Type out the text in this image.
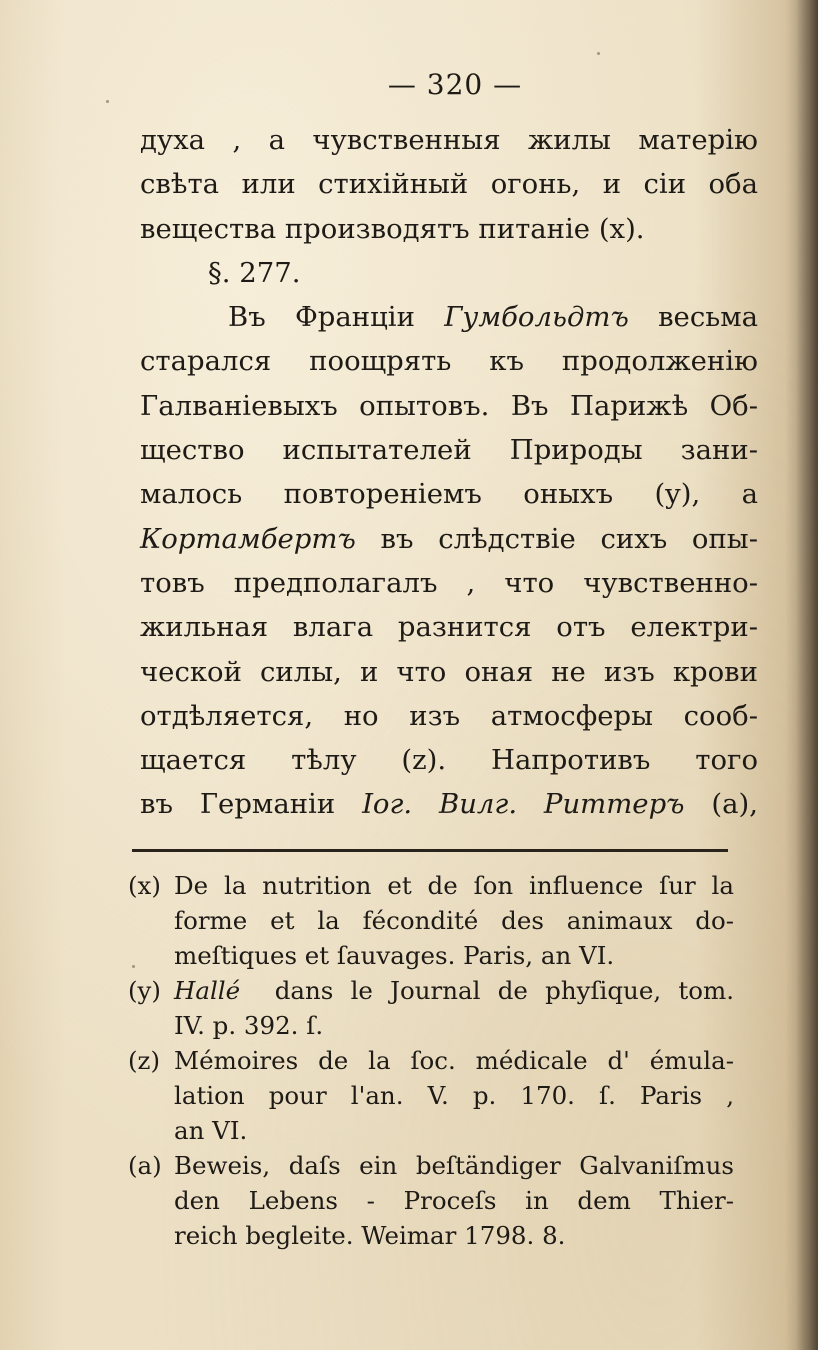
— 320 —
духа , а чувственныя жилы матерію
свѣта или стихійный огонь, и сіи оба
вещества производятъ питаніе (x).
§. 277.
Въ Франціи Гумбольдтъ весьма
старался поощрять къ продолженію
Галваніевыхъ опытовъ. Въ Парижѣ Об-
щество испытателей Природы зани-
малось повтореніемъ оныхъ (y), а
Кортамбертъ въ слѣдствіе сихъ опы-
товъ предполагалъ , что чувственно-
жильная влага разнится отъ електри-
ческой силы, и что оная не изъ крови
отдѣляется, но изъ атмосферы сооб-
щается тѣлу (z). Напротивъ того
въ Германіи Іог. Вилг. Риттеръ (a),
(x) De la nutrition et de ſon influence ſur la
forme et la fécondité des animaux do-
meſtiques et ſauvages. Paris, an VI.
(y) Hallé dans le Journal de phyſique, tom.
IV. p. 392. ſ.
(z) Mémoires de la ſoc. médicale d' émula-
lation pour l'an. V. p. 170. ſ. Paris ,
an VI.
(a) Beweis, daſs ein beſtändiger Galvaniſmus
den Lebens - Proceſs in dem Thier-
reich begleite. Weimar 1798. 8.
